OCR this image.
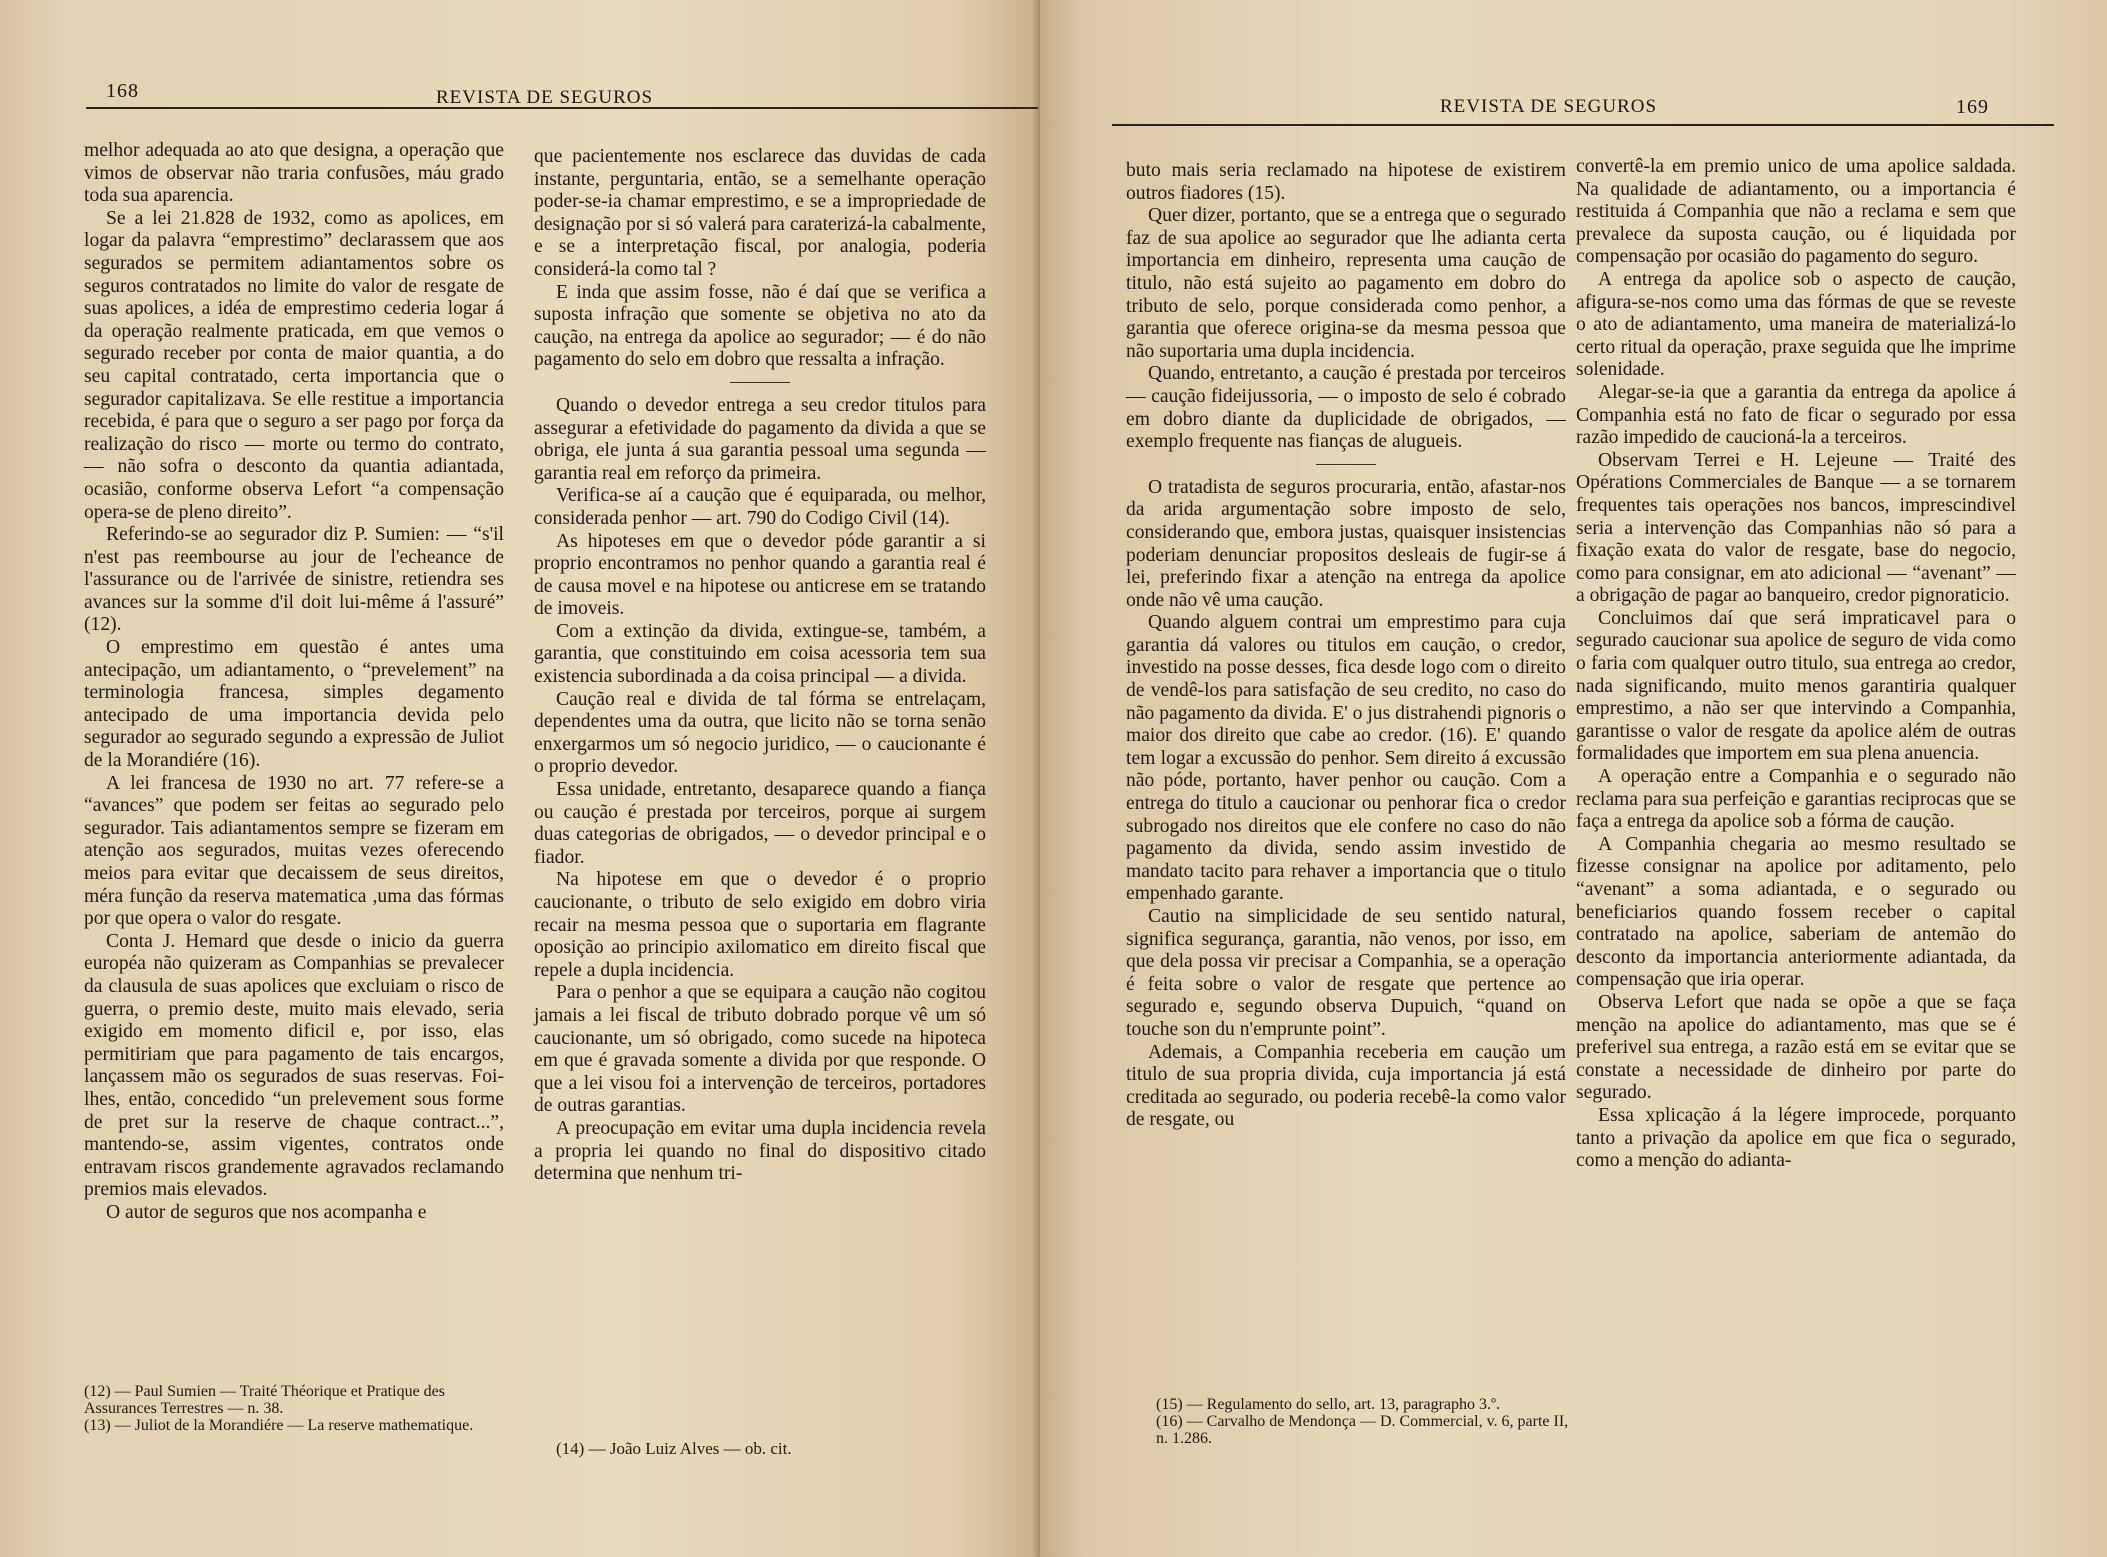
168	REVISTA DE SEGUROS

melhor adequada ao ato que designa, a operação que vimos de observar não traria confusões, máu grado toda sua aparencia.

Se a lei 21.828 de 1932, como as apolices, em logar da palavra “emprestimo” declarassem que aos segurados se permitem adiantamentos sobre os seguros contratados no limite do valor de resgate de suas apolices, a idéa de emprestimo cederia logar á da operação realmente praticada, em que vemos o segurado receber por conta de maior quantia, a do seu capital contratado, certa importancia que o segurador capitalizava. Se elle restitue a importancia recebida, é para que o seguro a ser pago por força da realização do risco — morte ou termo do contrato, — não sofra o desconto da quantia adiantada, ocasião, conforme observa Lefort “a compensação opera-se de pleno direito”.

Referindo-se ao segurador diz P. Sumien: — “s'il n'est pas reembourse au jour de l'echeance de l'assurance ou de l'arrivée de sinistre, retiendra ses avances sur la somme d'il doit lui-même á l'assuré” (12).

O emprestimo em questão é antes uma antecipação, um adiantamento, o “prevelement” na terminologia francesa, simples degamento antecipado de uma importancia devida pelo segurador ao segurado segundo a expressão de Juliot de la Morandiére (16).

A lei francesa de 1930 no art. 77 refere-se a “avances” que podem ser feitas ao segurado pelo segurador. Tais adiantamentos sempre se fizeram em atenção aos segurados, muitas vezes oferecendo meios para evitar que decaissem de seus direitos, méra função da reserva matematica ,uma das fórmas por que opera o valor do resgate.

Conta J. Hemard que desde o inicio da guerra européa não quizeram as Companhias se prevalecer da clausula de suas apolices que excluiam o risco de guerra, o premio deste, muito mais elevado, seria exigido em momento dificil e, por isso, elas permitiriam que para pagamento de tais encargos, lançassem mão os segurados de suas reservas. Foi-lhes, então, concedido “un prelevement sous forme de pret sur la reserve de chaque contract...”, mantendo-se, assim vigentes, contratos onde entravam riscos grandemente agravados reclamando premios mais elevados.

O autor de seguros que nos acompanha e

(12) — Paul Sumien — Traité Théorique et Pratique des Assurances Terrestres — n. 38.

(13) — Juliot de la Morandiére — La reserve mathematique.

que pacientemente nos esclarece das duvidas de cada instante, perguntaria, então, se a semelhante operação poder-se-ia chamar emprestimo, e se a impropriedade de designação por si só valerá para caraterizá-la cabalmente, e se a interpretação fiscal, por analogia, poderia considerá-la como tal ?

E inda que assim fosse, não é daí que se verifica a suposta infração que somente se objetiva no ato da caução, na entrega da apolice ao segurador; — é do não pagamento do selo em dobro que ressalta a infração.

Quando o devedor entrega a seu credor titulos para assegurar a efetividade do pagamento da divida a que se obriga, ele junta á sua garantia pessoal uma segunda — garantia real em reforço da primeira.

Verifica-se aí a caução que é equiparada, ou melhor, considerada penhor — art. 790 do Codigo Civil (14).

As hipoteses em que o devedor póde garantir a si proprio encontramos no penhor quando a garantia real é de causa movel e na hipotese ou anticrese em se tratando de imoveis.

Com a extinção da divida, extingue-se, também, a garantia, que constituindo em coisa acessoria tem sua existencia subordinada a da coisa principal — a divida.

Caução real e divida de tal fórma se entrelaçam, dependentes uma da outra, que licito não se torna senão enxergarmos um só negocio juridico, — o caucionante é o proprio devedor.

Essa unidade, entretanto, desaparece quando a fiança ou caução é prestada por terceiros, porque ai surgem duas categorias de obrigados, — o devedor principal e o fiador.

Na hipotese em que o devedor é o proprio caucionante, o tributo de selo exigido em dobro viria recair na mesma pessoa que o suportaria em flagrante oposição ao principio axilomatico em direito fiscal que repele a dupla incidencia.

Para o penhor a que se equipara a caução não cogitou jamais a lei fiscal de tributo dobrado porque vê um só caucionante, um só obrigado, como sucede na hipoteca em que é gravada somente a divida por que responde. O que a lei visou foi a intervenção de terceiros, portadores de outras garantias.

A preocupação em evitar uma dupla incidencia revela a propria lei quando no final do dispositivo citado determina que nenhum tri-

(14) — João Luiz Alves — ob. cit.

REVISTA DE SEGUROS	169

buto mais seria reclamado na hipotese de existirem outros fiadores (15).

Quer dizer, portanto, que se a entrega que o segurado faz de sua apolice ao segurador que lhe adianta certa importancia em dinheiro, representa uma caução de titulo, não está sujeito ao pagamento em dobro do tributo de selo, porque considerada como penhor, a garantia que oferece origina-se da mesma pessoa que não suportaria uma dupla incidencia.

Quando, entretanto, a caução é prestada por terceiros — caução fideijussoria, — o imposto de selo é cobrado em dobro diante da duplicidade de obrigados, — exemplo frequente nas fianças de alugueis.

O tratadista de seguros procuraria, então, afastar-nos da arida argumentação sobre imposto de selo, considerando que, embora justas, quaisquer insistencias poderiam denunciar propositos desleais de fugir-se á lei, preferindo fixar a atenção na entrega da apolice onde não vê uma caução.

Quando alguem contrai um emprestimo para cuja garantia dá valores ou titulos em caução, o credor, investido na posse desses, fica desde logo com o direito de vendê-los para satisfação de seu credito, no caso do não pagamento da divida. E' o jus distrahendi pignoris o maior dos direito que cabe ao credor. (16). E' quando tem logar a excussão do penhor. Sem direito á excussão não póde, portanto, haver penhor ou caução. Com a entrega do titulo a caucionar ou penhorar fica o credor subrogado nos direitos que ele confere no caso do não pagamento da divida, sendo assim investido de mandato tacito para rehaver a importancia que o titulo empenhado garante.

Cautio na simplicidade de seu sentido natural, significa segurança, garantia, não venos, por isso, em que dela possa vir precisar a Companhia, se a operação é feita sobre o valor de resgate que pertence ao segurado e, segundo observa Dupuich, “quand on touche son du n'emprunte point”.

Ademais, a Companhia receberia em caução um titulo de sua propria divida, cuja importancia já está creditada ao segurado, ou poderia recebê-la como valor de resgate, ou

(15) — Regulamento do sello, art. 13, paragrapho 3.º.

(16) — Carvalho de Mendonça — D. Commercial, v. 6, parte II, n. 1.286.

convertê-la em premio unico de uma apolice saldada. Na qualidade de adiantamento, ou a importancia é restituida á Companhia que não a reclama e sem que prevalece da suposta caução, ou é liquidada por compensação por ocasião do pagamento do seguro.

A entrega da apolice sob o aspecto de caução, afigura-se-nos como uma das fórmas de que se reveste o ato de adiantamento, uma maneira de materializá-lo certo ritual da operação, praxe seguida que lhe imprime solenidade.

Alegar-se-ia que a garantia da entrega da apolice á Companhia está no fato de ficar o segurado por essa razão impedido de caucioná-la a terceiros.

Observam Terrei e H. Lejeune — Traité des Opérations Commerciales de Banque — a se tornarem frequentes tais operações nos bancos, imprescindivel seria a intervenção das Companhias não só para a fixação exata do valor de resgate, base do negocio, como para consignar, em ato adicional — “avenant” — a obrigação de pagar ao banqueiro, credor pignoraticio.

Concluimos daí que será impraticavel para o segurado caucionar sua apolice de seguro de vida como o faria com qualquer outro titulo, sua entrega ao credor, nada significando, muito menos garantiria qualquer emprestimo, a não ser que intervindo a Companhia, garantisse o valor de resgate da apolice além de outras formalidades que importem em sua plena anuencia.

A operação entre a Companhia e o segurado não reclama para sua perfeição e garantias reciprocas que se faça a entrega da apolice sob a fórma de caução.

A Companhia chegaria ao mesmo resultado se fizesse consignar na apolice por aditamento, pelo “avenant” a soma adiantada, e o segurado ou beneficiarios quando fossem receber o capital contratado na apolice, saberiam de antemão do desconto da importancia anteriormente adiantada, da compensação que iria operar.

Observa Lefort que nada se opõe a que se faça menção na apolice do adiantamento, mas que se é preferivel sua entrega, a razão está em se evitar que se constate a necessidade de dinheiro por parte do segurado.

Essa xplicação á la légere improcede, porquanto tanto a privação da apolice em que fica o segurado, como a menção do adianta-
